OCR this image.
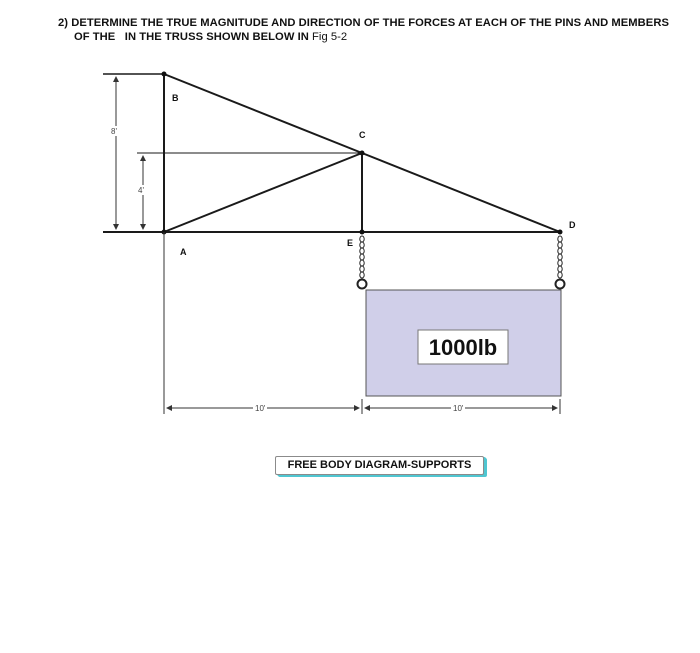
2) DETERMINE THE TRUE MAGNITUDE AND DIRECTION OF THE FORCES AT EACH OF THE PINS AND MEMBERS
OF THE   IN THE TRUSS SHOWN BELOW IN Fig 5-2
B
C
D
A
E
8'
4'
1000lb
10'	10'
FREE BODY DIAGRAM-SUPPORTS
